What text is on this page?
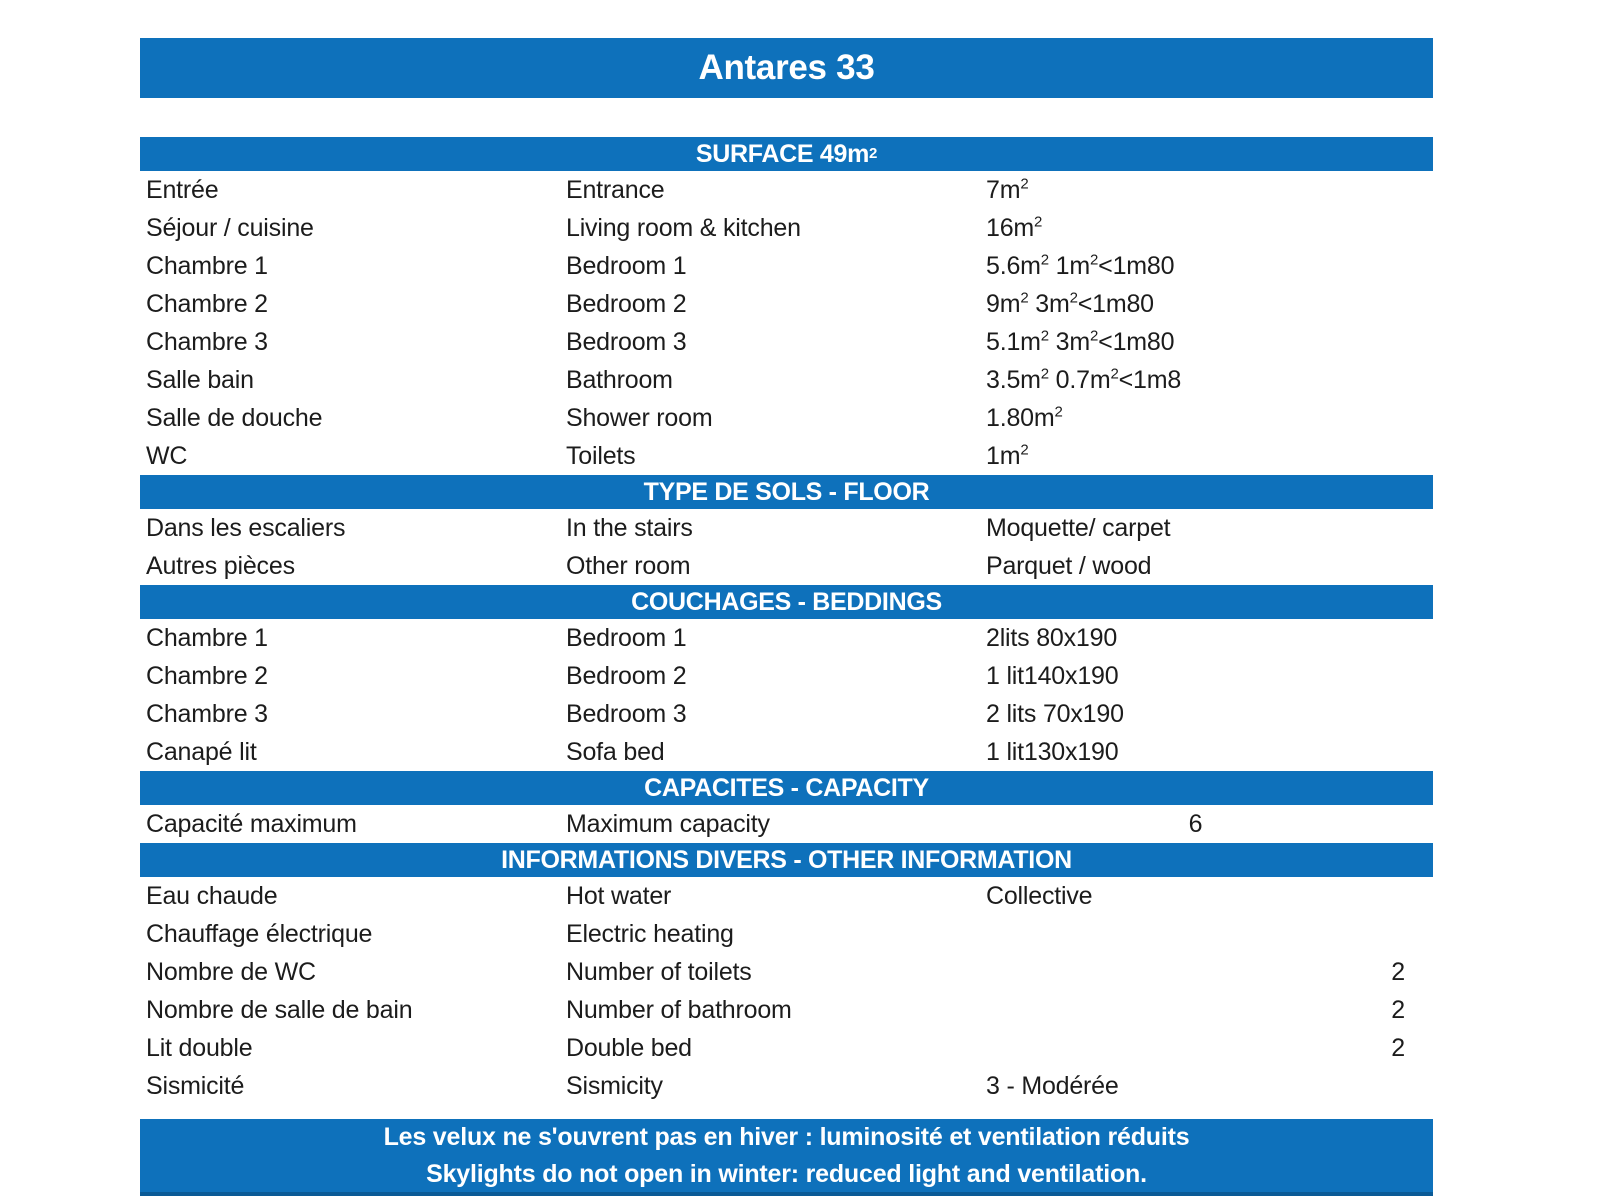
Antares 33
SURFACE 49m 2
Entrée	Entrance	$7m^2$
Séjour / cuisine	Living room & kitchen	$16m^2$
Chambre 1	Bedroom 1	$5.6m^2$ $1m^2<1m80$
Chambre 2	Bedroom 2	$9m^2$ $3m^2<1m80$
Chambre 3	Bedroom 3	$5.1m^2$ $3m^2<1m80$
Salle bain	Bathroom	$3.5m^2$ $0.7m^2<1m8$
Salle de douche	Shower room	$1.80m^2$
WC	Toilets	$1m^2$
TYPE DE SOLS - FLOOR
Dans les escaliers	In the stairs	Moquette/ carpet
Autres pièces	Other room	Parquet / wood
COUCHAGES - BEDDINGS
Chambre 1	Bedroom 1	2lits 80x190
Chambre 2	Bedroom 2	1 lit140x190
Chambre 3	Bedroom 3	2 lits 70x190
Canapé lit	Sofa bed	1 lit130x190
CAPACITES - CAPACITY
Capacité maximum	Maximum capacity	6
INFORMATIONS DIVERS - OTHER INFORMATION
Eau chaude	Hot water	Collective
Chauffage électrique	Electric heating
Nombre de WC	Number of toilets	2
Nombre de salle de bain	Number of bathroom	2
Lit double	Double bed	2
Sismicité	Sismicity	3 - Modérée
Les velux ne s'ouvrent pas en hiver : luminosité et ventilation réduits
Skylights do not open in winter: reduced light and ventilation.
